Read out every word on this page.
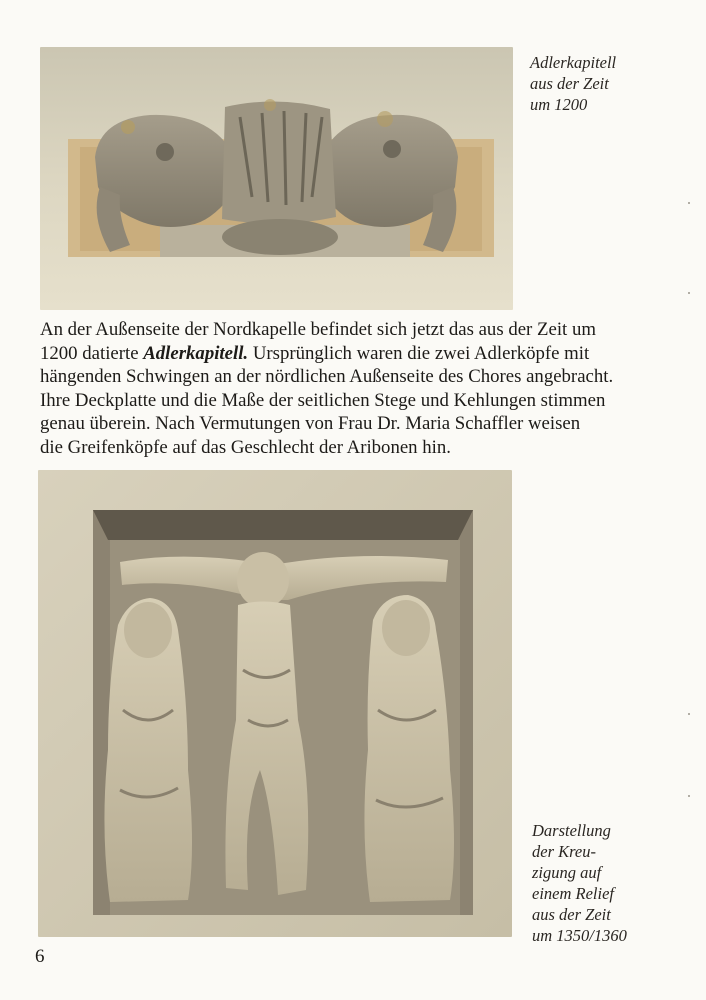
Adlerkapitell
aus der Zeit
um 1200
An der Außenseite der Nordkapelle befindet sich jetzt das aus der Zeit um
1200 datierte Adlerkapitell. Ursprünglich waren die zwei Adlerköpfe mit
hängenden Schwingen an der nördlichen Außenseite des Chores angebracht.
Ihre Deckplatte und die Maße der seitlichen Stege und Kehlungen stimmen
genau überein. Nach Vermutungen von Frau Dr. Maria Schaffler weisen
die Greifenköpfe auf das Geschlecht der Aribonen hin.
Darstellung
der Kreu-
zigung auf
einem Relief
aus der Zeit
um 1350/1360
6
